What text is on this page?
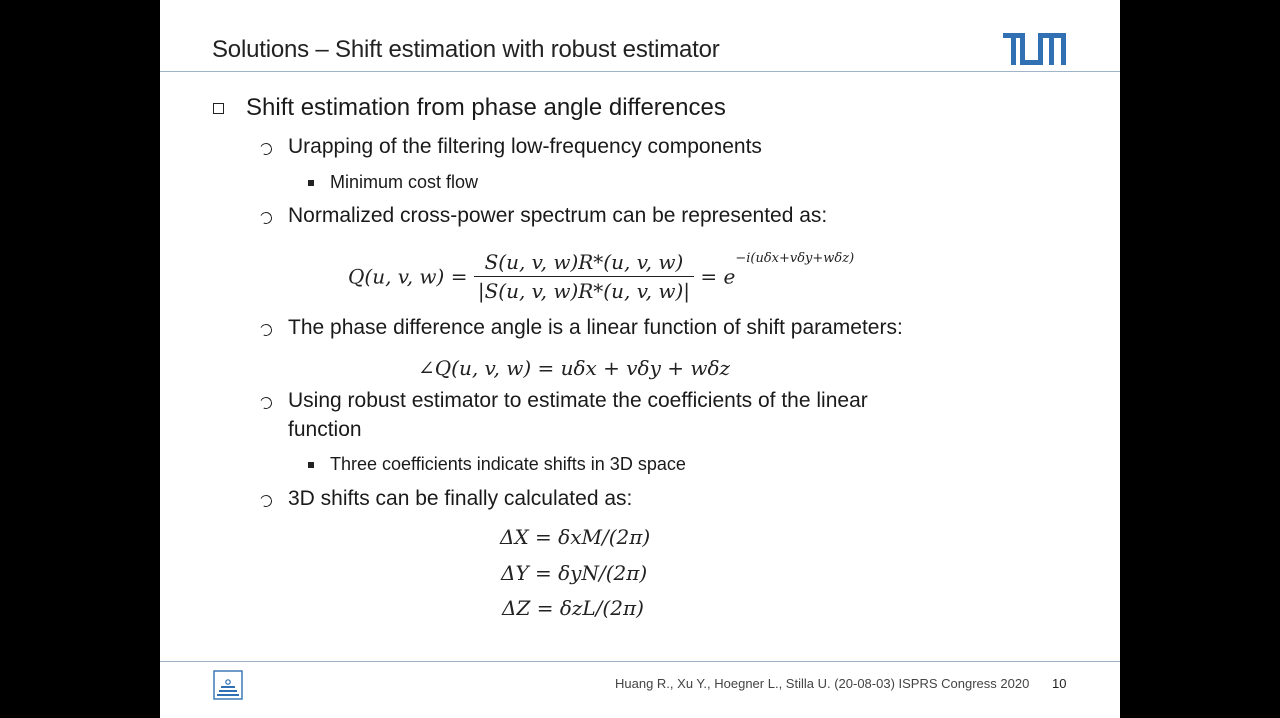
Solutions – Shift estimation with robust estimator
Shift estimation from phase angle differences
Urapping of the filtering low-frequency components
Minimum cost flow
Normalized cross-power spectrum can be represented as:
Q(u, v, $w) = \frac{S(u, v, w)R*(u, v, w)}{|S(u, v, w)R*(u, v, w)|} = e^{-i(u\delta x+v\delta y+w\delta z)}$
The phase difference angle is a linear function of shift parameters:
∠Q(u, v, w) = uδx + vδy + wδz
Using robust estimator to estimate the coefficients of the linear
function
Three coefficients indicate shifts in 3D space
3D shifts can be finally calculated as:
ΔX = δxM/(2π)
ΔY = δyN/(2π)
ΔZ = δzL/(2π)
Huang R., Xu Y., Hoegner L., Stilla U. (20-08-03) ISPRS Congress 2020 10
